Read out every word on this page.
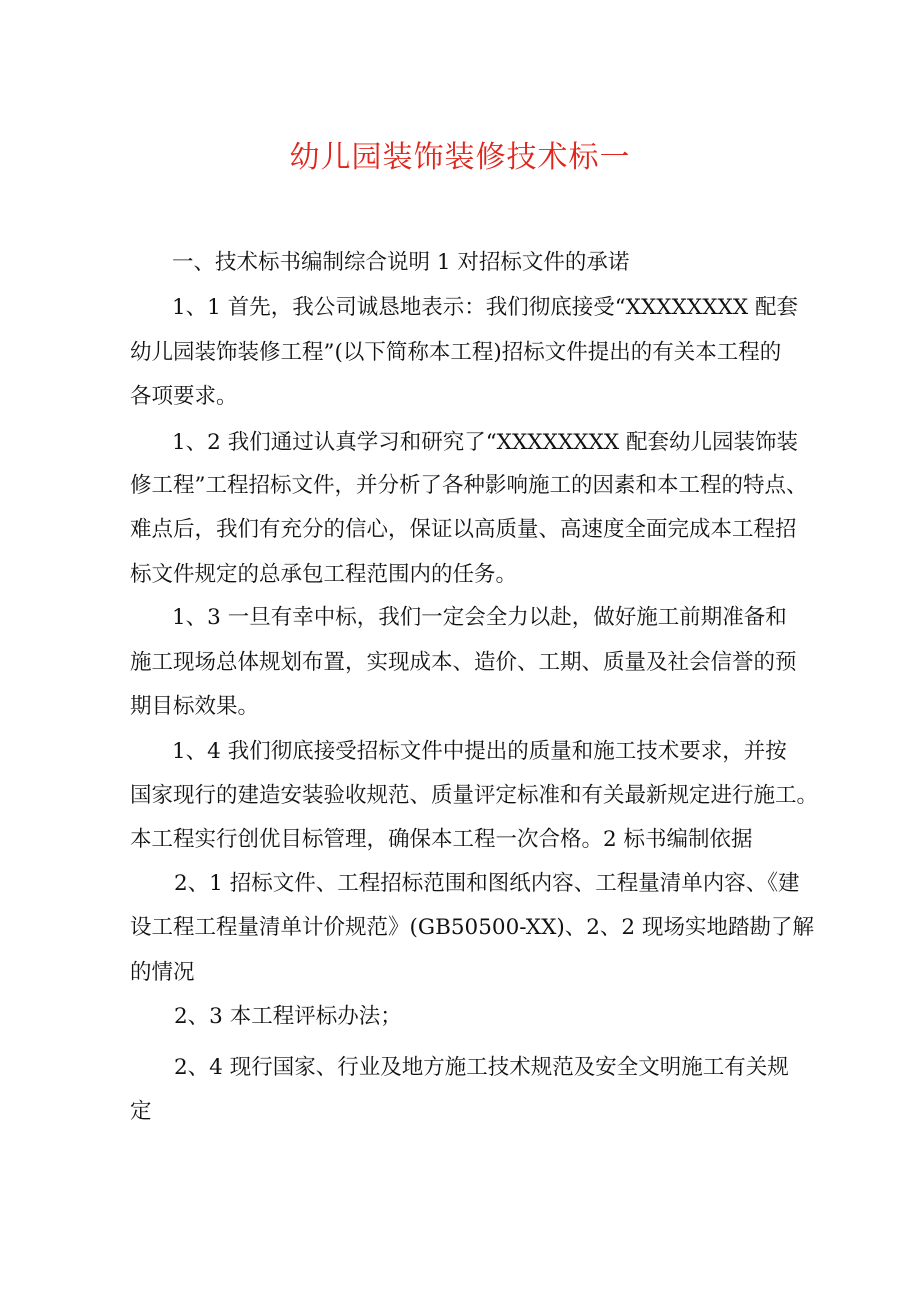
幼儿园装饰装修技术标一
一、技术标书编制综合说明 1 对招标文件的承诺
1、1 首先，我公司诚恳地表示：我们彻底接受“XXXXXXXX 配套
幼儿园装饰装修工程”(以下简称本工程)招标文件提出的有关本工程的
各项要求。
1、2 我们通过认真学习和研究了“XXXXXXXX 配套幼儿园装饰装
修工程”工程招标文件，并分析了各种影响施工的因素和本工程的特点、
难点后，我们有充分的信心，保证以高质量、高速度全面完成本工程招
标文件规定的总承包工程范围内的任务。
1、3 一旦有幸中标，我们一定会全力以赴，做好施工前期准备和
施工现场总体规划布置，实现成本、造价、工期、质量及社会信誉的预
期目标效果。
1、4 我们彻底接受招标文件中提出的质量和施工技术要求，并按
国家现行的建造安装验收规范、质量评定标准和有关最新规定进行施工。
本工程实行创优目标管理，确保本工程一次合格。2 标书编制依据
2、1 招标文件、工程招标范围和图纸内容、工程量清单内容、《建
设工程工程量清单计价规范》(GB50500-XX)、2、2 现场实地踏勘了解
的情况
2、3 本工程评标办法；
2、4 现行国家、行业及地方施工技术规范及安全文明施工有关规
定
